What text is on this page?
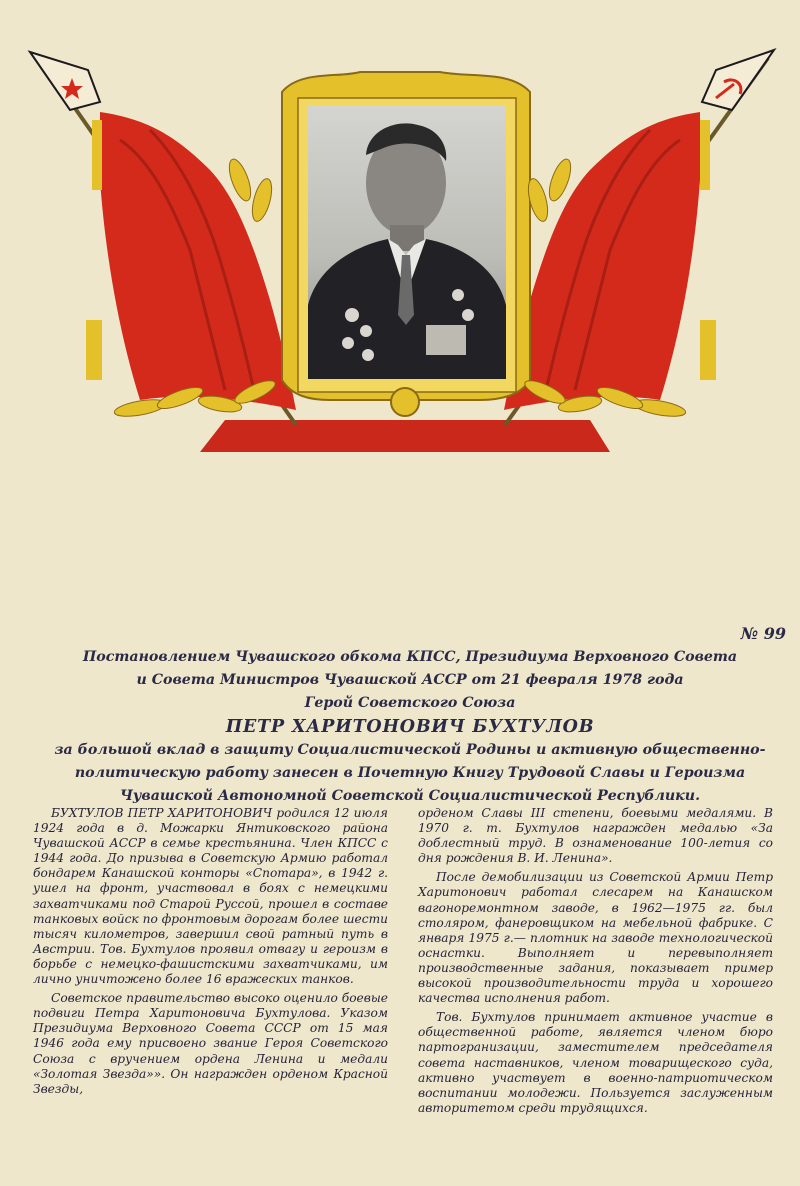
№ 99
Постановлением Чувашского обкома КПСС, Президиума Верховного Совета
и Совета Министров Чувашской АССР от 21 февраля 1978 года
Герой Советского Союза
ПЕТР ХАРИТОНОВИЧ БУХТУЛОВ
за большой вклад в защиту Социалистической Родины и активную общественно-
политическую работу занесен в Почетную Книгу Трудовой Славы и Героизма
Чувашской Автономной Советской Социалистической Республики.

БУХТУЛОВ ПЕТР ХАРИТОНОВИЧ родился 12 июля 1924 года в д. Можарки Янтиковского района Чувашской АССР в семье крестьянина. Член КПСС с 1944 года. До призыва в Советскую Армию работал бондарем Канашской конторы «Спотара», в 1942 г. ушел на фронт, участвовал в боях с немецкими захватчиками под Старой Руссой, прошел в составе танковых войск по фронтовым дорогам более шести тысяч километров, завершил свой ратный путь в Австрии. Тов. Бухтулов проявил отвагу и героизм в борьбе с немецко-фашистскими захватчиками, им лично уничтожено более 16 вражеских танков.

Советское правительство высоко оценило боевые подвиги Петра Харитоновича Бухтулова. Указом Президиума Верховного Совета СССР от 15 мая 1946 года ему присвоено звание Героя Советского Союза с вручением ордена Ленина и медали «Золотая Звезда»». Он награжден орденом Красной Звезды,

орденом Славы III степени, боевыми медалями. В 1970 г. т. Бухтулов награжден медалью «За доблестный труд. В ознаменование 100-летия со дня рождения В. И. Ленина».

После демобилизации из Советской Армии Петр Харитонович работал слесарем на Канашском вагоноремонтном заводе, в 1962—1975 гг. был столяром, фанеровщиком на мебельной фабрике. С января 1975 г.— плотник на заводе технологической оснастки. Выполняет и перевыполняет производственные задания, показывает пример высокой производительности труда и хорошего качества исполнения работ.

Тов. Бухтулов принимает активное участие в общественной работе, является членом бюро партогранизации, заместителем председателя совета наставников, членом товарищеского суда, активно участвует в военно-патриотическом воспитании молодежи. Пользуется заслуженным авторитетом среди трудящихся.
